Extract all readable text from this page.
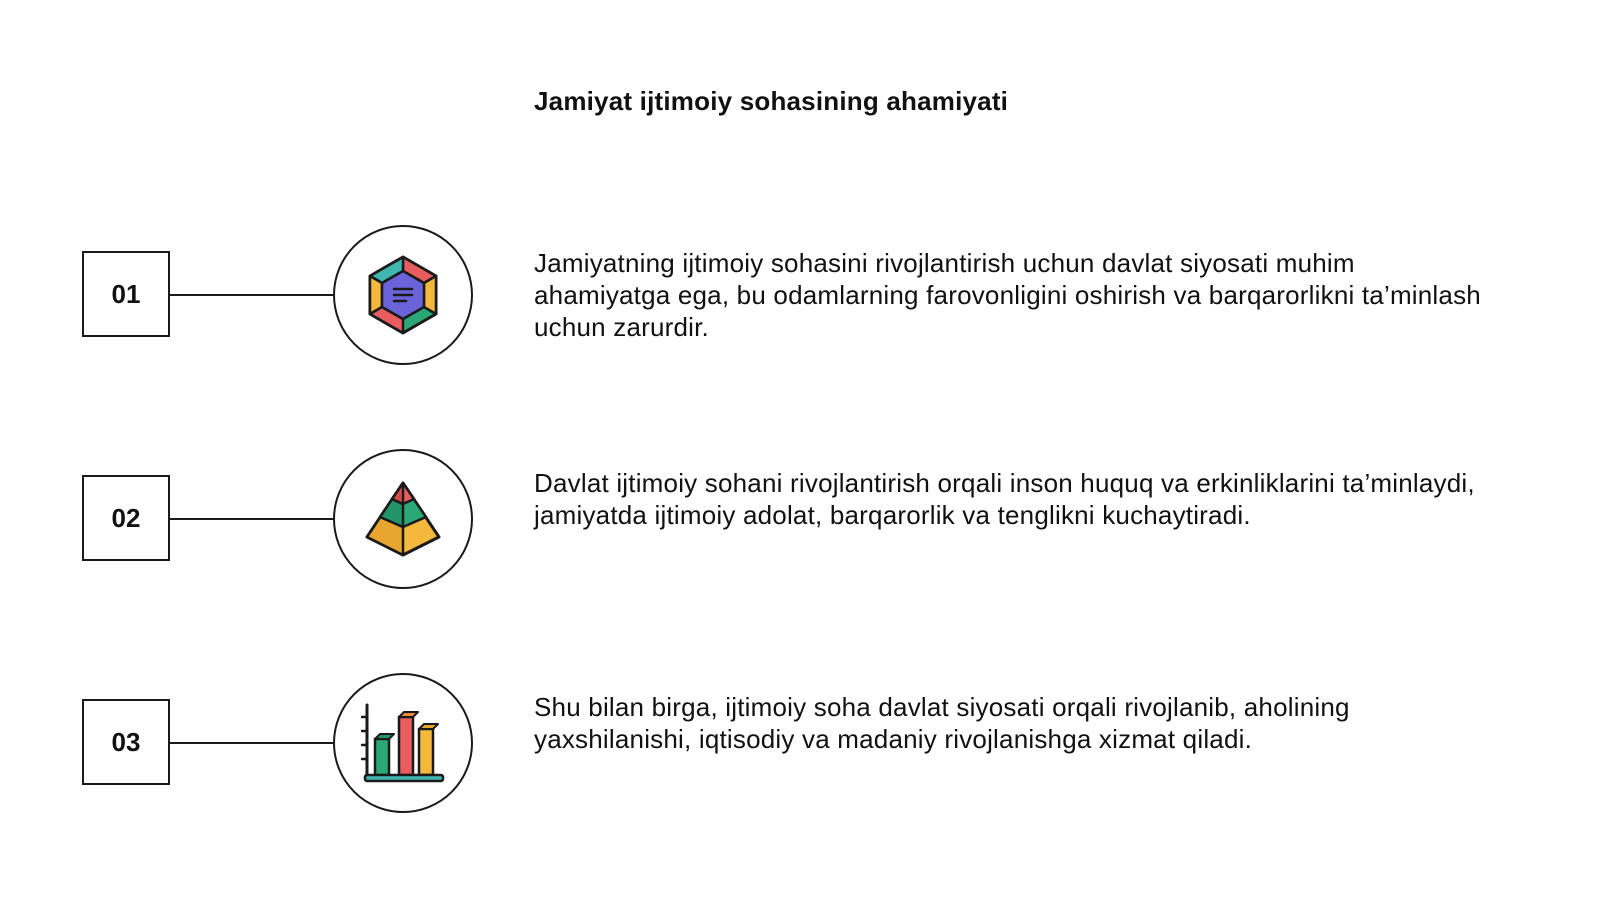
Jamiyat ijtimoiy sohasining ahamiyati
01
Jamiyatning ijtimoiy sohasini rivojlantirish uchun davlat siyosati muhim ahamiyatga ega, bu odamlarning farovonligini oshirish va barqarorlikni ta’minlash uchun zarurdir.
02
Davlat ijtimoiy sohani rivojlantirish orqali inson huquq va erkinliklarini ta’minlaydi, jamiyatda ijtimoiy adolat, barqarorlik va tenglikni kuchaytiradi.
03
Shu bilan birga, ijtimoiy soha davlat siyosati orqali rivojlanib, aholining yaxshilanishi, iqtisodiy va madaniy rivojlanishga xizmat qiladi.
